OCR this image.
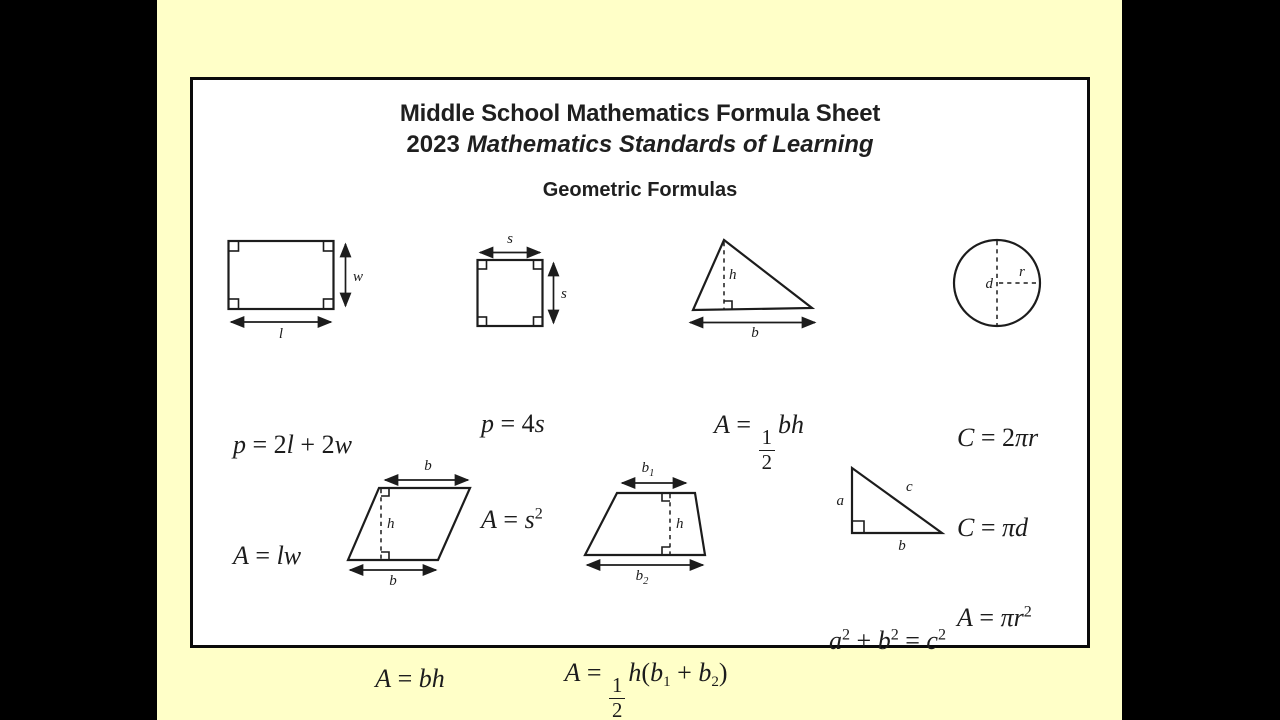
Middle School Mathematics Formula Sheet
2023 Mathematics Standards of Learning
Geometric Formulas
w
l

p = 2l + 2w

A = lw

s
s

p = 4s

$A = s^2$

h
b

A =
$\frac{1}{2}$
bh

d
r

C = 2πr

C = πd

$A = \pi r^2$

b
h
b

A = bh

$b_1$
h
$b_2$

A =
$\frac{1}{2}$
$h(b_1 + b_2)$

a
c
b

$a^2 + b^2 = c^2$
